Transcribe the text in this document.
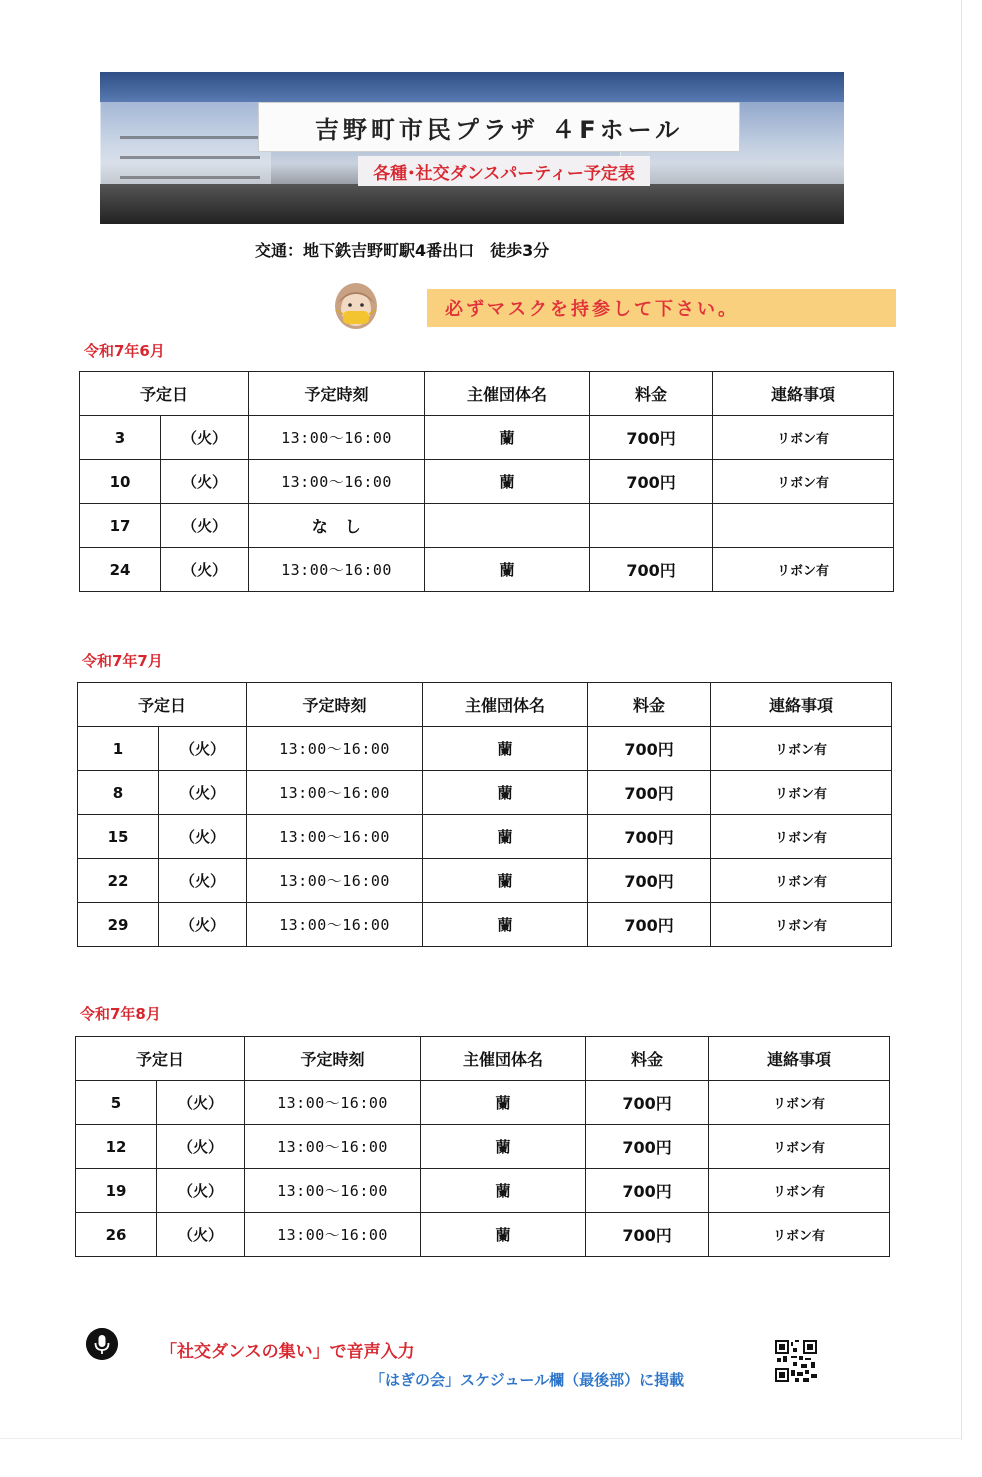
吉野町市民プラザ ４Fホール
各種･社交ダンスパーティー予定表
交通：地下鉄吉野町駅4番出口　徒歩3分
必ずマスクを持参して下さい。
令和7年6月
予定日		予定時刻	主催団体名	料金	連絡事項
3	（火）	13:00～16:00	蘭	700円	リボン有
10	（火）	13:00～16:00	蘭	700円	リボン有
17	（火）	な　し			
24	（火）	13:00～16:00	蘭	700円	リボン有
令和7年7月
予定日		予定時刻	主催団体名	料金	連絡事項
1	（火）	13:00～16:00	蘭	700円	リボン有
8	（火）	13:00～16:00	蘭	700円	リボン有
15	（火）	13:00～16:00	蘭	700円	リボン有
22	（火）	13:00～16:00	蘭	700円	リボン有
29	（火）	13:00～16:00	蘭	700円	リボン有
令和7年8月
予定日		予定時刻	主催団体名	料金	連絡事項
5	（火）	13:00～16:00	蘭	700円	リボン有
12	（火）	13:00～16:00	蘭	700円	リボン有
19	（火）	13:00～16:00	蘭	700円	リボン有
26	（火）	13:00～16:00	蘭	700円	リボン有
「社交ダンスの集い」で音声入力
「はぎの会」スケジュール欄（最後部）に掲載
